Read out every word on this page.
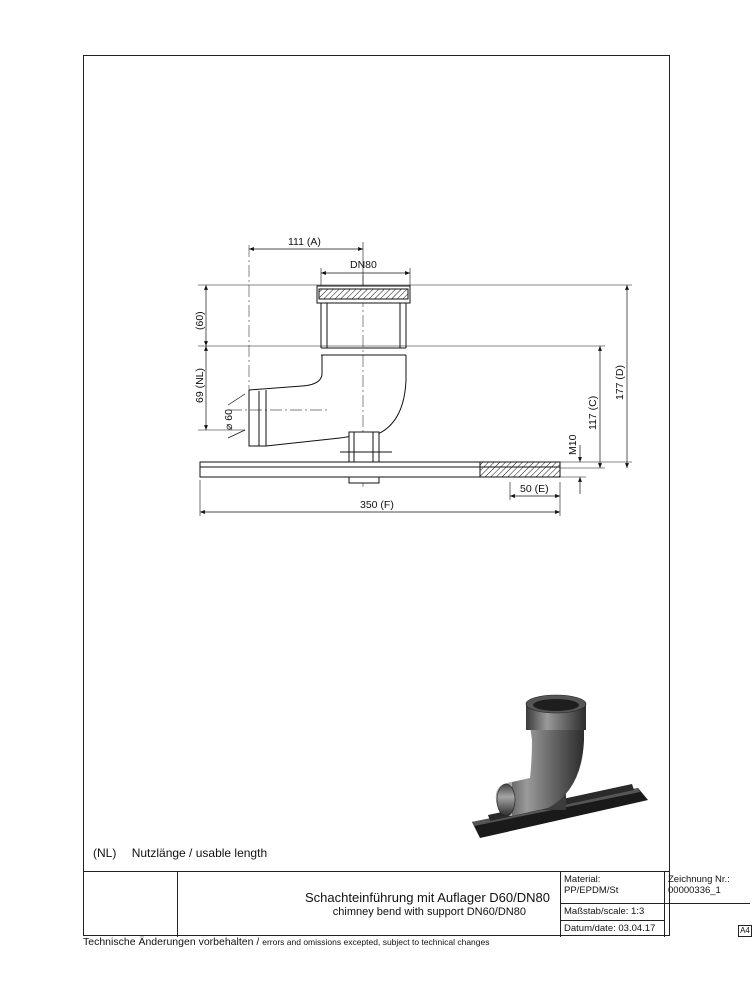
111 (A)
DN80
(60)
69 (NL)
⌀ 60	117 (C)
177 (D)
M10
50 (E)
350 (F)
(NL) Nutzlänge / usable length
Schachteinführung mit Auflager D60/DN80
chimney bend with support DN60/DN80
Material:
PP/EPDM/St
Zeichnung Nr.:
00000336_1
Maßstab/scale: 1:3
Datum/date: 03.04.17	A4
Technische Änderungen vorbehalten / errors and omissions excepted, subject to technical changes
